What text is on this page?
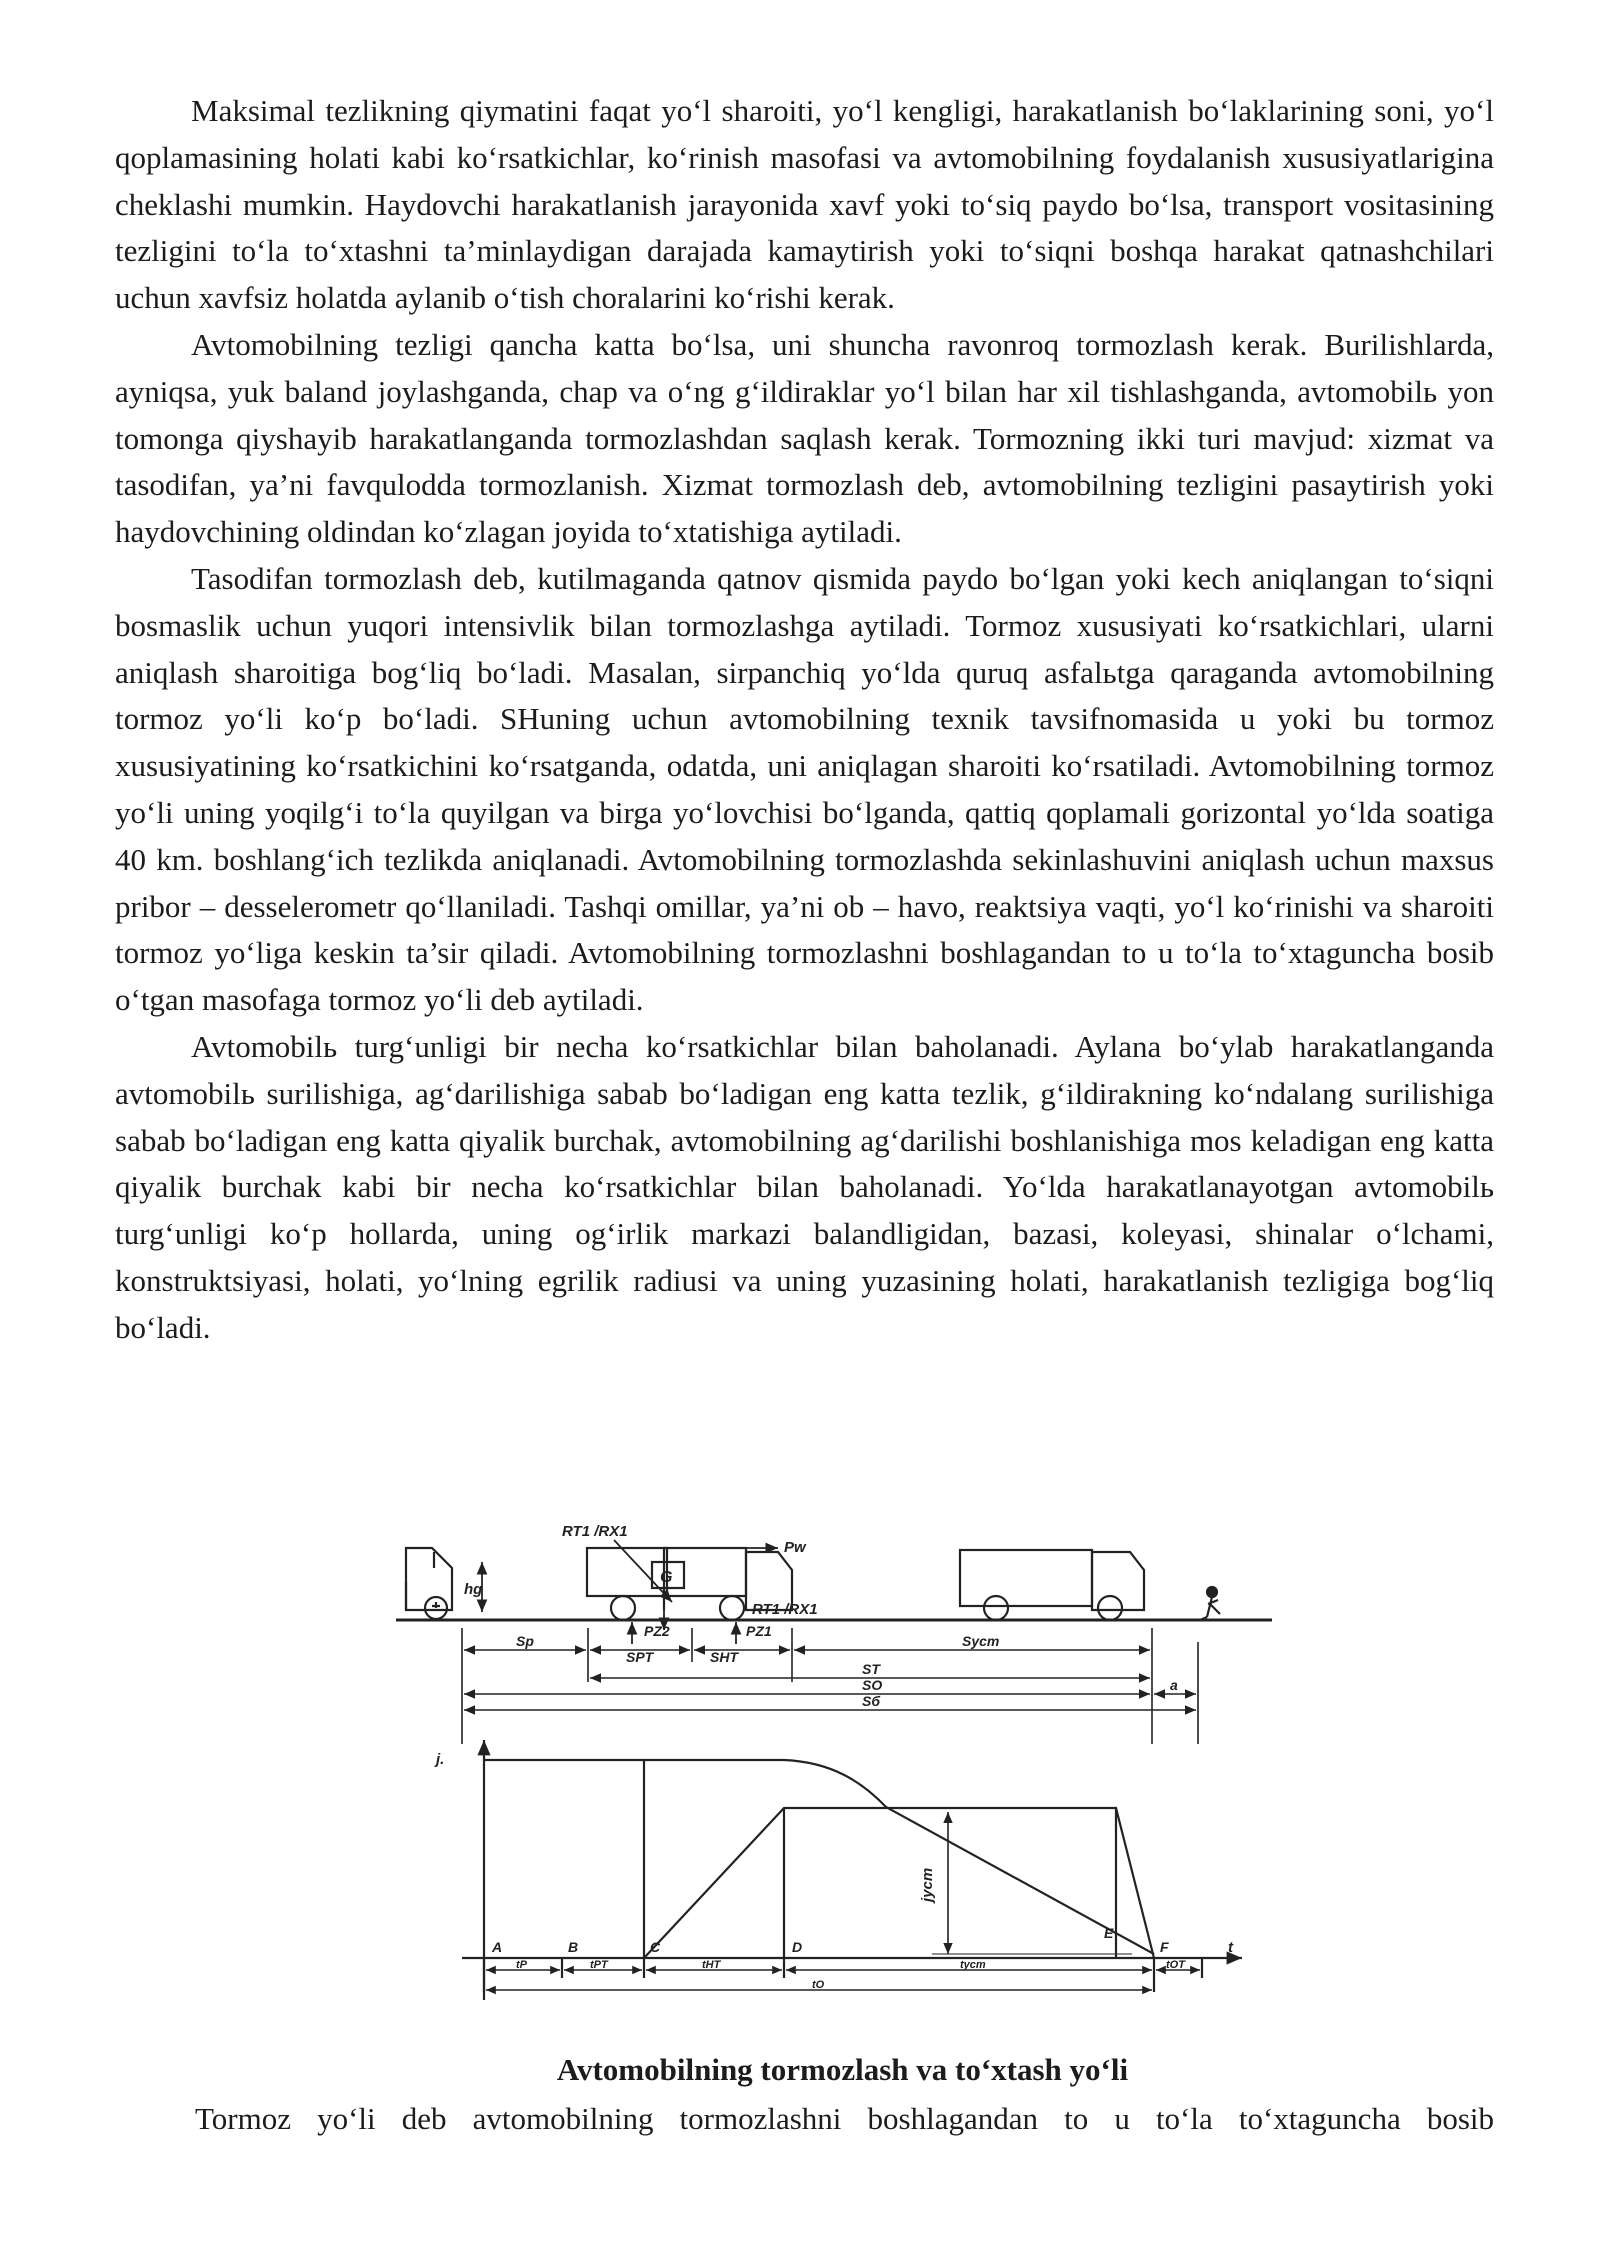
Maksimal tezlikning qiymatini faqat yo‘l sharoiti, yo‘l kengligi, harakatlanish bo‘laklarining soni, yo‘l qoplamasining holati kabi ko‘rsatkichlar, ko‘rinish masofasi va avtomobilning foydalanish xususiyatlarigina cheklashi mumkin. Haydovchi harakatlanish jarayonida xavf yoki to‘siq paydo bo‘lsa, transport vositasining tezligini to‘la to‘xtashni ta’minlaydigan darajada kamaytirish yoki to‘siqni boshqa harakat qatnashchilari uchun xavfsiz holatda aylanib o‘tish choralarini ko‘rishi kerak.

Avtomobilning tezligi qancha katta bo‘lsa, uni shuncha ravonroq tormozlash kerak. Burilishlarda, ayniqsa, yuk baland joylashganda, chap va o‘ng g‘ildiraklar yo‘l bilan har xil tishlashganda, avtomobilь yon tomonga qiyshayib harakatlanganda tormozlashdan saqlash kerak. Tormozning ikki turi mavjud: xizmat va tasodifan, ya’ni favqulodda tormozlanish. Xizmat tormozlash deb, avtomobilning tezligini pasaytirish yoki haydovchining oldindan ko‘zlagan joyida to‘xtatishiga aytiladi.

Tasodifan tormozlash deb, kutilmaganda qatnov qismida paydo bo‘lgan yoki kech aniqlangan to‘siqni bosmaslik uchun yuqori intensivlik bilan tormozlashga aytiladi. Tormoz xususiyati ko‘rsatkichlari, ularni aniqlash sharoitiga bog‘liq bo‘ladi. Masalan, sirpanchiq yo‘lda quruq asfalьtga qaraganda avtomobilning tormoz yo‘li ko‘p bo‘ladi. SHuning uchun avtomobilning texnik tavsifnomasida u yoki bu tormoz xususiyatining ko‘rsatkichini ko‘rsatganda, odatda, uni aniqlagan sharoiti ko‘rsatiladi. Avtomobilning tormoz yo‘li uning yoqilg‘i to‘la quyilgan va birga yo‘lovchisi bo‘lganda, qattiq qoplamali gorizontal yo‘lda soatiga 40 km. boshlang‘ich tezlikda aniqlanadi. Avtomobilning tormozlashda sekinlashuvini aniqlash uchun maxsus pribor – desselerometr qo‘llaniladi. Tashqi omillar, ya’ni ob – havo, reaktsiya vaqti, yo‘l ko‘rinishi va sharoiti tormoz yo‘liga keskin ta’sir qiladi. Avtomobilning tormozlashni boshlagandan to u to‘la to‘xtaguncha bosib o‘tgan masofaga tormoz yo‘li deb aytiladi.

Avtomobilь turg‘unligi bir necha ko‘rsatkichlar bilan baholanadi. Aylana bo‘ylab harakatlanganda avtomobilь surilishiga, ag‘darilishiga sabab bo‘ladigan eng katta tezlik, g‘ildirakning ko‘ndalang surilishiga sabab bo‘ladigan eng katta qiyalik burchak, avtomobilning ag‘darilishi boshlanishiga mos keladigan eng katta qiyalik burchak kabi bir necha ko‘rsatkichlar bilan baholanadi. Yo‘lda harakatlanayotgan avtomobilь turg‘unligi ko‘p hollarda, uning og‘irlik markazi balandligidan, bazasi, koleyasi, shinalar o‘lchami, konstruktsiyasi, holati, yo‘lning egrilik radiusi va uning yuzasining holati, harakatlanish tezligiga bog‘liq bo‘ladi.

RT1 /RX1
Pw
hg
G
RT1 /RX1
PZ2	PZ1
Sp
SPT	SHT
Sуст
ST
SO
Sб
a
j.
t
jуст
A	B	C	D
E
F
tP	tPT	tHT	tуст	tOT
tO
Avtomobilning tormozlash va to‘xtash yo‘li
Tormoz yo‘li deb avtomobilning tormozlashni boshlagandan to u to‘la to‘xtaguncha bosib
